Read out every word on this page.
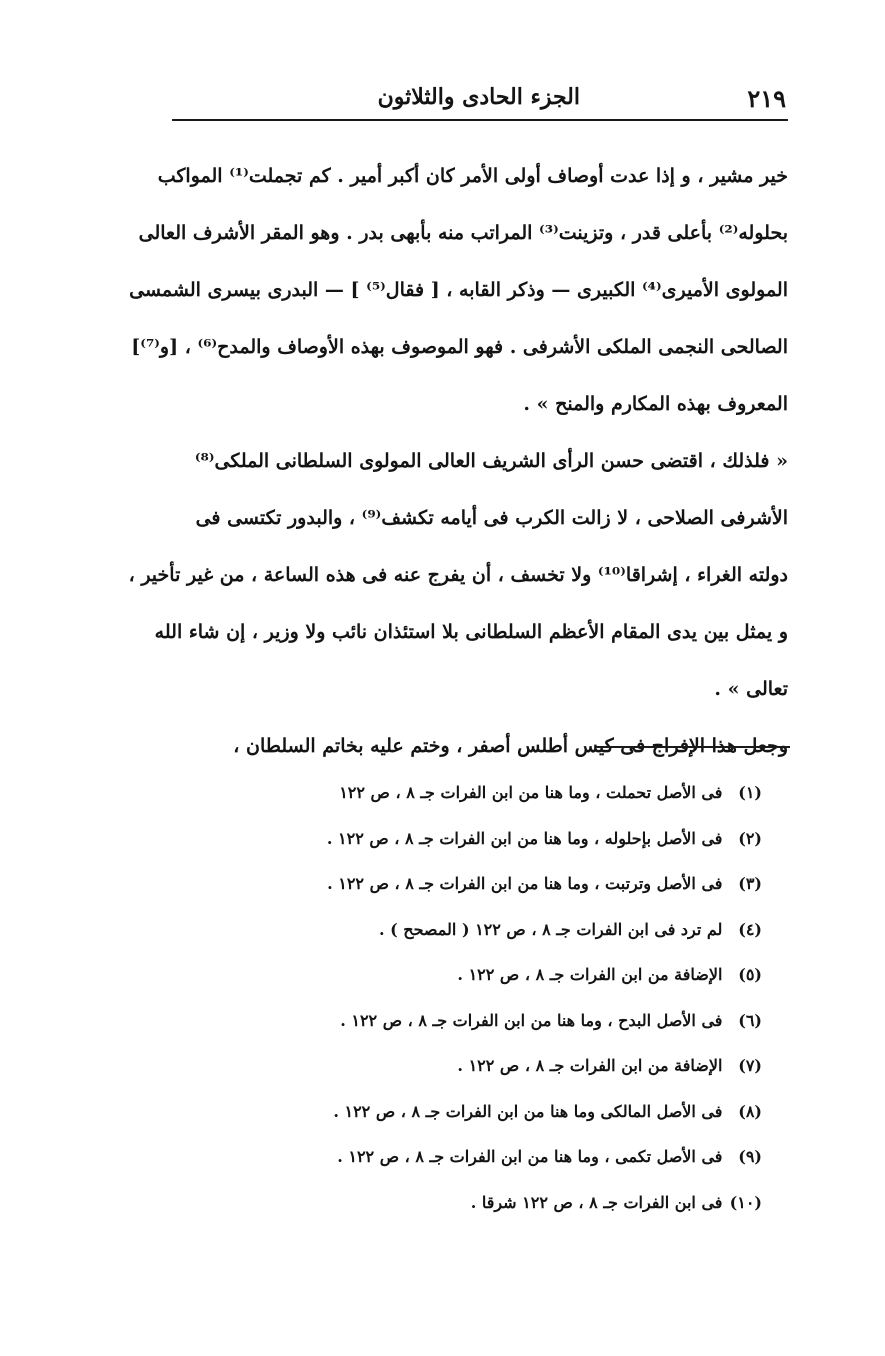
٢١٩
الجزء الحادى والثلاثون
خير مشير ، و إذا عدت أوصاف أولى الأمر كان أكبر أمير . كم تجملت⁽¹⁾ المواكب
بحلوله⁽²⁾ بأعلى قدر ، وتزينت⁽³⁾ المراتب منه بأبهى بدر . وهو المقر الأشرف العالى
المولوى الأميرى⁽⁴⁾ الكبيرى — وذكر القابه ، [ فقال⁽⁵⁾ ] — البدرى بيسرى الشمسى
الصالحى النجمى الملكى الأشرفى . فهو الموصوف بهذه الأوصاف والمدح⁽⁶⁾ ، [و⁽⁷⁾]
المعروف بهذه المكارم والمنح » .
« فلذلك ، اقتضى حسن الرأى الشريف العالى المولوى السلطانى الملكى⁽⁸⁾
الأشرفى الصلاحى ، لا زالت الكرب فى أيامه تكشف⁽⁹⁾ ، والبدور تكتسى فى
دولته الغراء ، إشراقا⁽¹⁰⁾ ولا تخسف ، أن يفرج عنه فى هذه الساعة ، من غير تأخير ،
و يمثل بين يدى المقام الأعظم السلطانى بلا استئذان نائب ولا وزير ، إن شاء الله
تعالى » .
وجعل هذا الإفراج فى كيس أطلس أصفر ، وختم عليه بخاتم السلطان ،
(١) فى الأصل تحملت ، وما هنا من ابن الفرات جـ ٨ ، ص ١٢٢
(٢) فى الأصل بإحلوله ، وما هنا من ابن الفرات جـ ٨ ، ص ١٢٢ .
(٣) فى الأصل وترتبت ، وما هنا من ابن الفرات جـ ٨ ، ص ١٢٢ .
(٤) لم ترد فى ابن الفرات جـ ٨ ، ص ١٢٢ ( المصحح ) .
(٥) الإضافة من ابن الفرات جـ ٨ ، ص ١٢٢ .
(٦) فى الأصل البدح ، وما هنا من ابن الفرات جـ ٨ ، ص ١٢٢ .
(٧) الإضافة من ابن الفرات جـ ٨ ، ص ١٢٢ .
(٨) فى الأصل المالكى وما هنا من ابن الفرات جـ ٨ ، ص ١٢٢ .
(٩) فى الأصل تكمى ، وما هنا من ابن الفرات جـ ٨ ، ص ١٢٢ .
(١٠) فى ابن الفرات جـ ٨ ، ص ١٢٢ شرقا .
